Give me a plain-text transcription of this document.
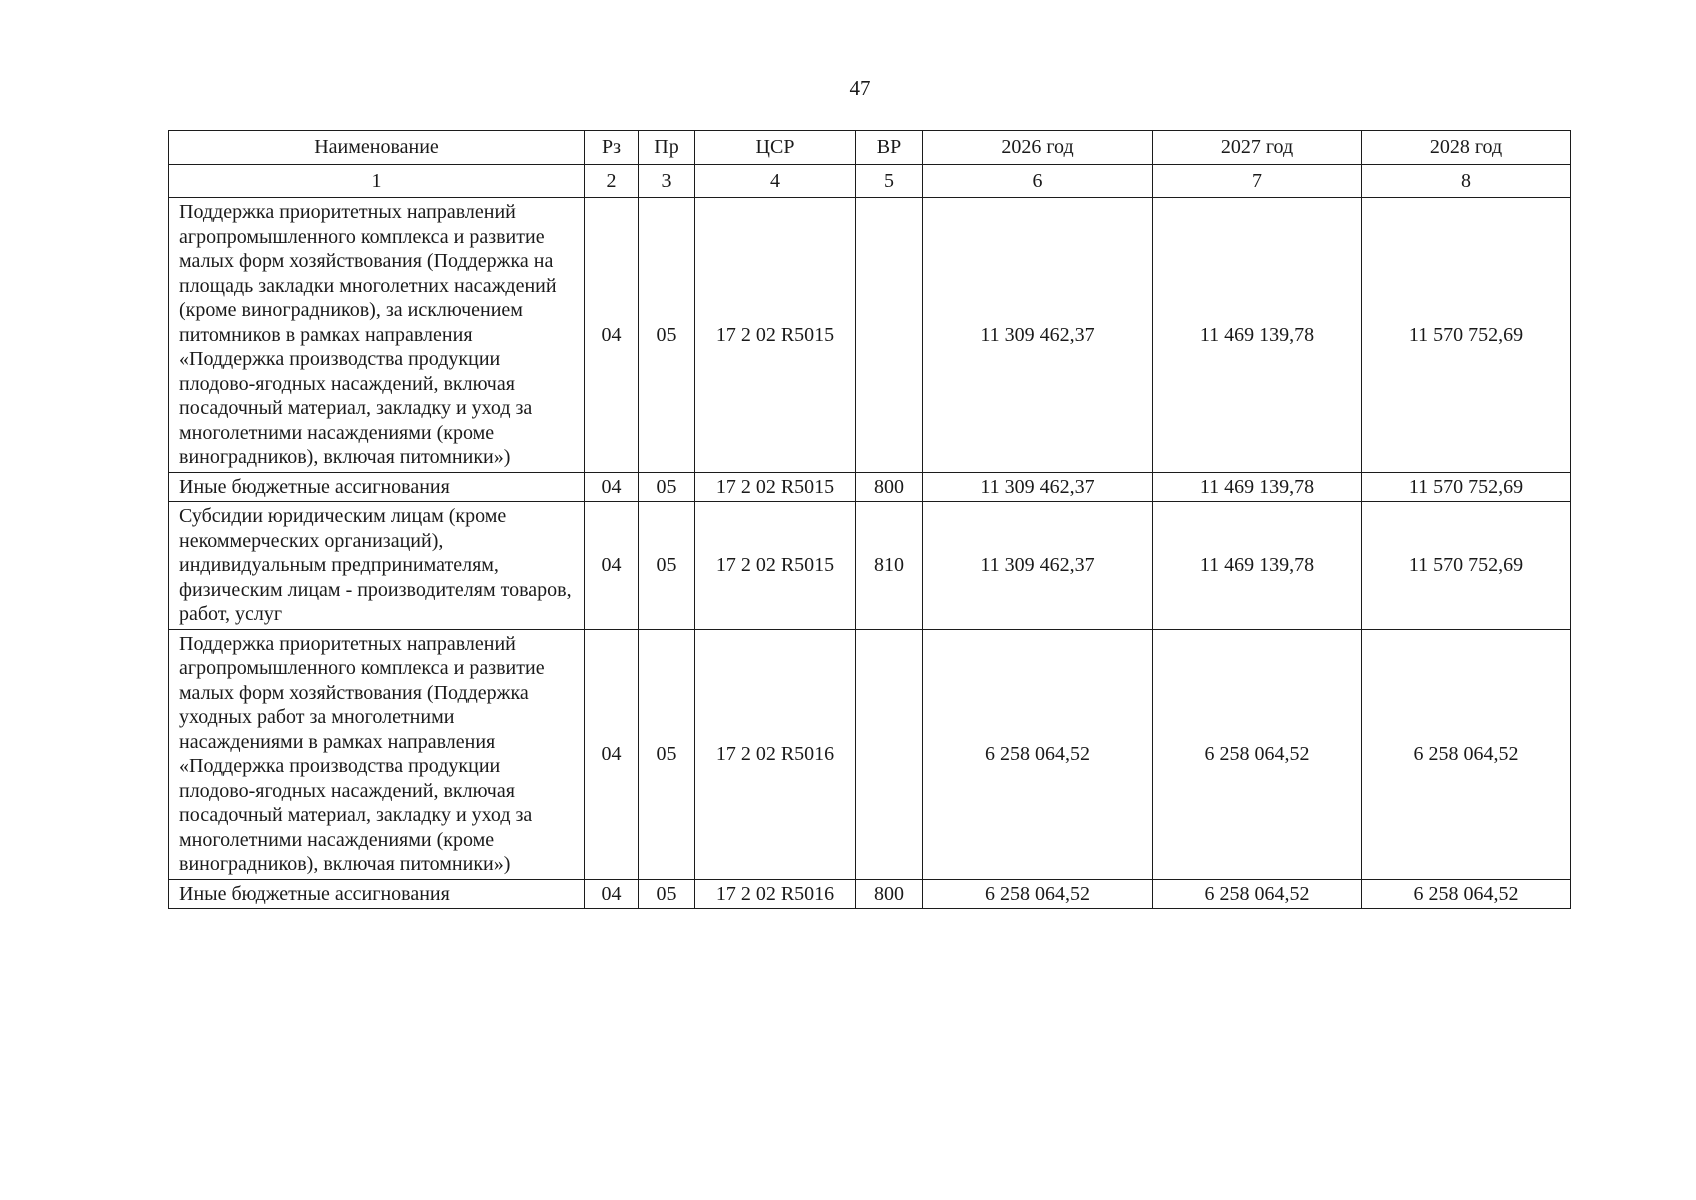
47
Наименование	Рз	Пр	ЦСР	ВР	2026 год	2027 год	2028 год
1	2	3	4	5	6	7	8
Поддержка приоритетных направлений агропромышленного комплекса и развитие малых форм хозяйствования (Поддержка на площадь закладки многолетних насаждений (кроме виноградников), за исключением питомников в рамках направления «Поддержка производства продукции плодово-ягодных насаждений, включая посадочный материал, закладку и уход за многолетними насаждениями (кроме виноградников), включая питомники»)	04	05	17 2 02 R5015		11 309 462,37	11 469 139,78	11 570 752,69
Иные бюджетные ассигнования	04	05	17 2 02 R5015	800	11 309 462,37	11 469 139,78	11 570 752,69
Субсидии юридическим лицам (кроме некоммерческих организаций), индивидуальным предпринимателям, физическим лицам - производителям товаров, работ, услуг	04	05	17 2 02 R5015	810	11 309 462,37	11 469 139,78	11 570 752,69
Поддержка приоритетных направлений агропромышленного комплекса и развитие малых форм хозяйствования (Поддержка уходных работ за многолетними насаждениями в рамках направления «Поддержка производства продукции плодово-ягодных насаждений, включая посадочный материал, закладку и уход за многолетними насаждениями (кроме виноградников), включая питомники»)	04	05	17 2 02 R5016		6 258 064,52	6 258 064,52	6 258 064,52
Иные бюджетные ассигнования	04	05	17 2 02 R5016	800	6 258 064,52	6 258 064,52	6 258 064,52
